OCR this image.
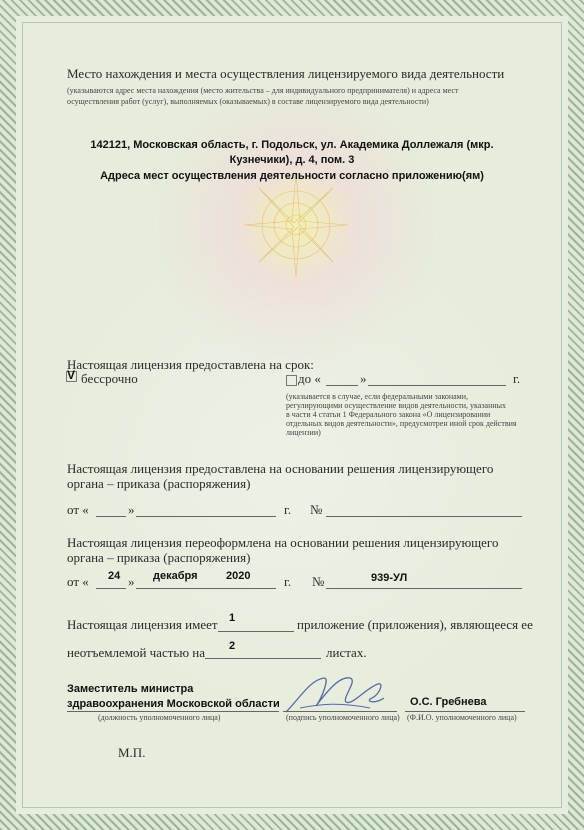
Место нахождения и места осуществления лицензируемого вида деятельности
(указываются адрес места нахождения (место жительства – для индивидуального предпринимателя) и адреса мест
осуществления работ (услуг), выполняемых (оказываемых) в составе лицензируемого вида деятельности)
142121, Московская область, г. Подольск, ул. Академика Доллежаля (мкр.
Кузнечики), д. 4, пом. 3
Адреса мест осуществления деятельности согласно приложению(ям)
Настоящая лицензия предоставлена на срок:
V бессрочно	до «	»	г.
(указывается в случае, если федеральными законами,
регулирующими осуществление видов деятельности, указанных
в части 4 статьи 1 Федерального закона «О лицензировании
отдельных видов деятельности», предусмотрен иной срок действия
лицензии)
Настоящая лицензия предоставлена на основании решения лицензирующего
органа – приказа (распоряжения)
от «	»	г. №
Настоящая лицензия переоформлена на основании решения лицензирующего
органа – приказа (распоряжения)
24	декабря	2020	939-УЛ
от «	»	г. №
Настоящая лицензия имеет 1	приложение (приложения), являющееся ее
неотъемлемой частью на 2	листах.
Заместитель министра
здравоохранения Московской области
(должность уполномоченного лица)	(подпись уполномоченного лица)
О.С. Гребнева
(Ф.И.О. уполномоченного лица)
М.П.
